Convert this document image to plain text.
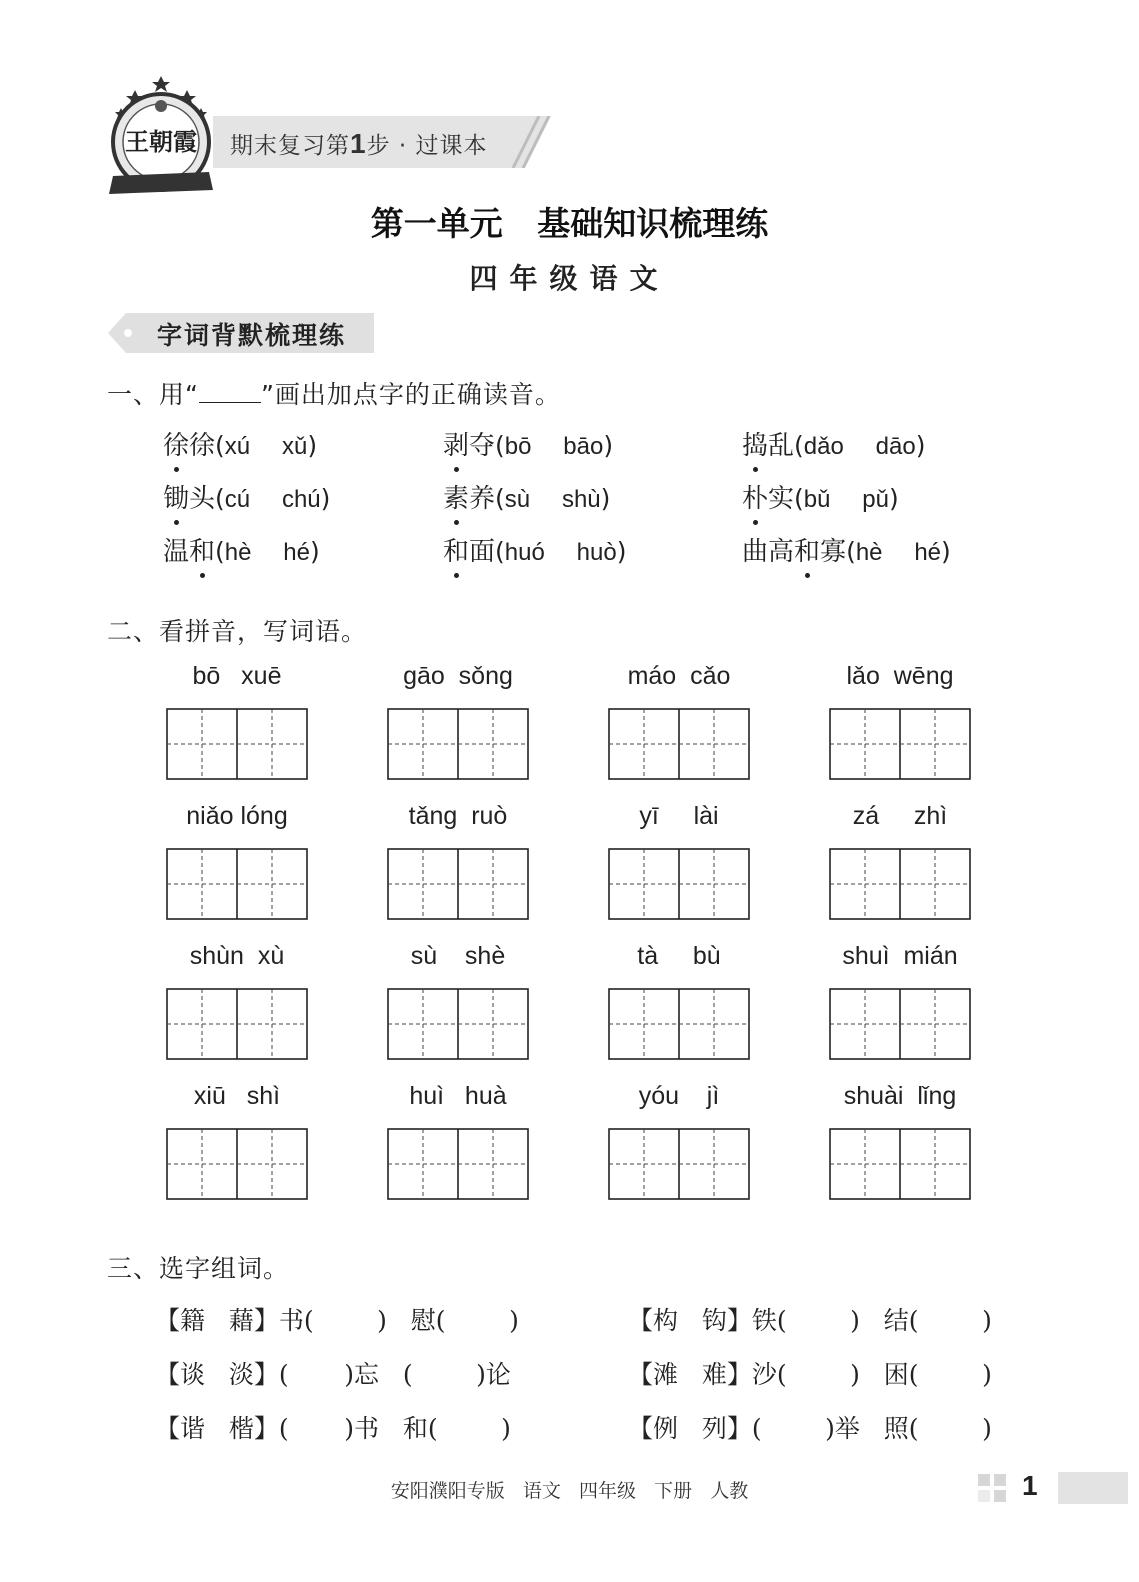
王朝霞 期末复习第1步 · 过课本
第一单元   基础知识梳理练
四年级语文
字词背默梳理练
一、用“ ”画出加点字的正确读音。
徐徐(xú xǔ)	剥夺(bō bāo)	捣乱(dǎo dāo)
锄头(cú chú)	素养(sù shù)	朴实(bǔ pǔ)
温和(hè hé)	和面(huó huò)	曲高和寡(hè hé)
二、看拼音，写词语。
bō   xuē	gāo  sǒng	máo  cǎo	lǎo  wēng
niǎo lóng	tǎng  ruò	yī     lài	zá     zhì
shùn  xù	sù    shè	tà     bù	shuì  mián
xiū   shì	huì   huà	yóu    jì	shuài  lǐng
三、选字组词。
【籍   藉】书(        )   慰(        )	【构   钩】铁(        )   结(        )
【谈   淡】(       )忘   (        )论	【滩   难】沙(        )   困(        )
【谐   楷】(       )书   和(        )	【例   列】(        )举   照(        )
安阳濮阳专版   语文   四年级   下册   人教	1
